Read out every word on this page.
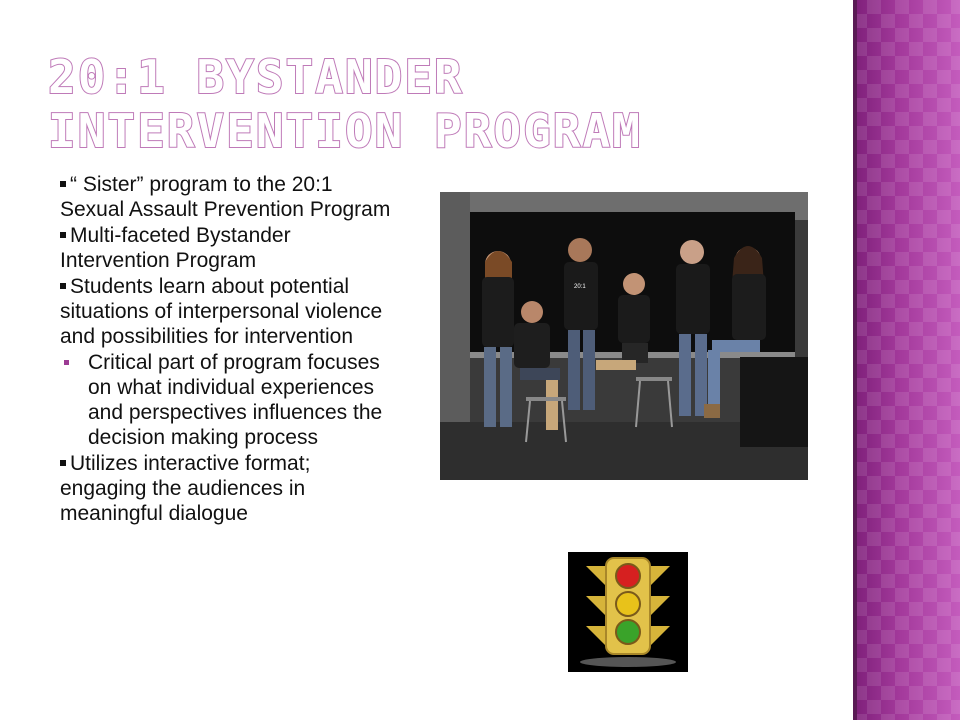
20:1 BYSTANDER INTERVENTION PROGRAM
“ Sister” program to the 20:1 Sexual Assault Prevention Program
Multi-faceted Bystander Intervention Program
Students learn about potential situations of interpersonal violence and possibilities for intervention
Critical part of program focuses on what individual experiences and perspectives influences the decision making process
Utilizes interactive format; engaging the audiences in meaningful dialogue
20:1
